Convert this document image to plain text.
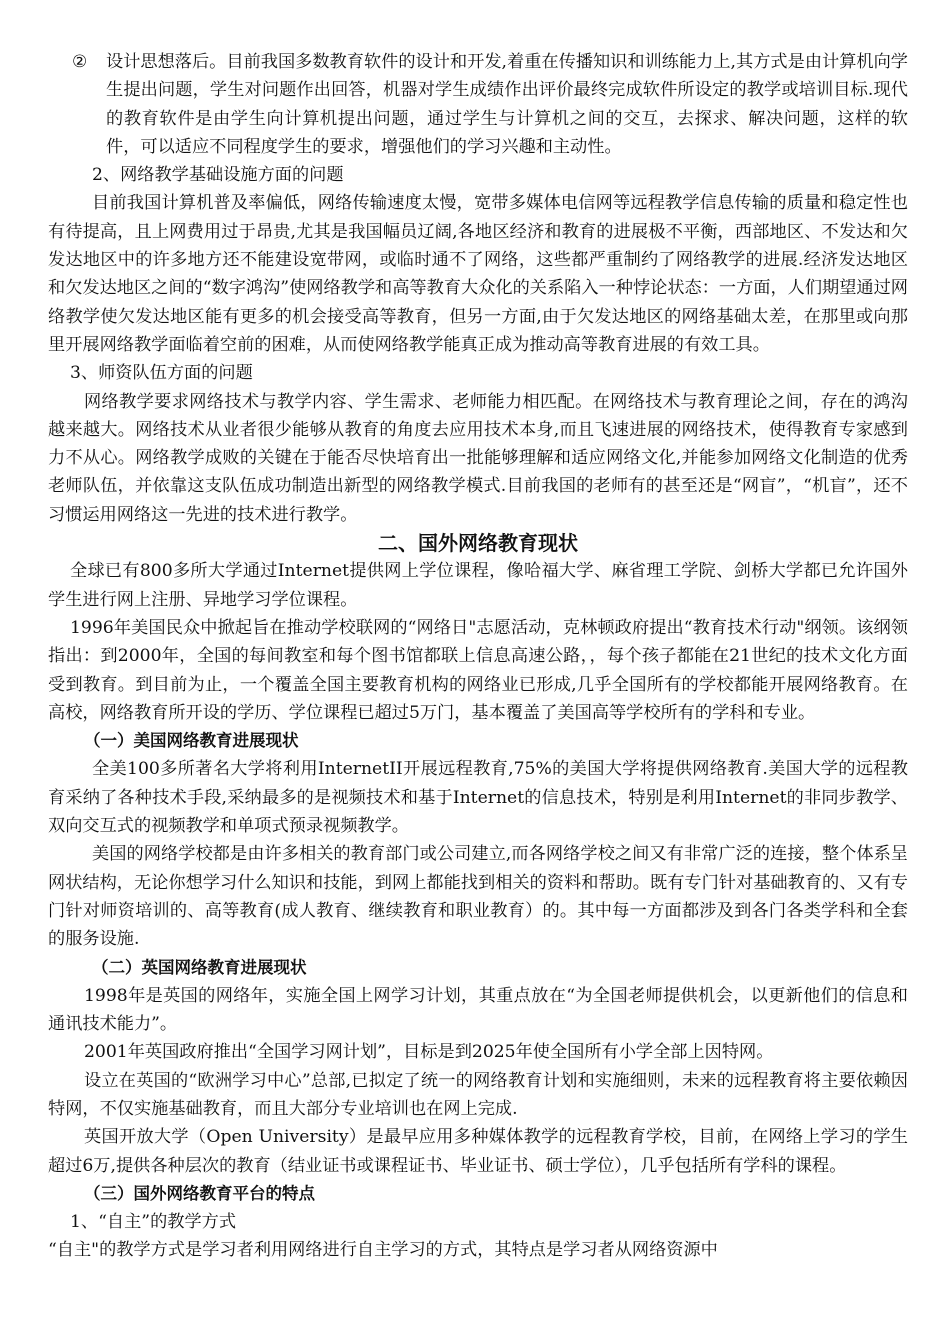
②	设计思想落后。目前我国多数教育软件的设计和开发,着重在传播知识和训练能力上,其方式是由计算机向学生提出问题，学生对问题作出回答，机器对学生成绩作出评价最终完成软件所设定的教学或培训目标.现代的教育软件是由学生向计算机提出问题，通过学生与计算机之间的交互，去探求、解决问题，这样的软件，可以适应不同程度学生的要求，增强他们的学习兴趣和主动性。

2、网络教学基础设施方面的问题

目前我国计算机普及率偏低，网络传输速度太慢，宽带多媒体电信网等远程教学信息传输的质量和稳定性也有待提高，且上网费用过于昂贵,尤其是我国幅员辽阔,各地区经济和教育的进展极不平衡，西部地区、不发达和欠发达地区中的许多地方还不能建设宽带网，或临时通不了网络，这些都严重制约了网络教学的进展.经济发达地区和欠发达地区之间的“数字鸿沟”使网络教学和高等教育大众化的关系陷入一种悖论状态：一方面，人们期望通过网络教学使欠发达地区能有更多的机会接受高等教育，但另一方面,由于欠发达地区的网络基础太差，在那里或向那里开展网络教学面临着空前的困难，从而使网络教学能真正成为推动高等教育进展的有效工具。

3、师资队伍方面的问题

网络教学要求网络技术与教学内容、学生需求、老师能力相匹配。在网络技术与教育理论之间，存在的鸿沟越来越大。网络技术从业者很少能够从教育的角度去应用技术本身,而且飞速进展的网络技术，使得教育专家感到力不从心。网络教学成败的关键在于能否尽快培育出一批能够理解和适应网络文化,并能参加网络文化制造的优秀老师队伍，并依靠这支队伍成功制造出新型的网络教学模式.目前我国的老师有的甚至还是“网盲”，“机盲”，还不习惯运用网络这一先进的技术进行教学。

二、国外网络教育现状

全球已有800多所大学通过Internet提供网上学位课程，像哈福大学、麻省理工学院、剑桥大学都已允许国外学生进行网上注册、异地学习学位课程。

1996年美国民众中掀起旨在推动学校联网的“网络日"志愿活动，克林顿政府提出“教育技术行动"纲领。该纲领指出：到2000年，全国的每间教室和每个图书馆都联上信息高速公路，，每个孩子都能在21世纪的技术文化方面受到教育。到目前为止，一个覆盖全国主要教育机构的网络业已形成,几乎全国所有的学校都能开展网络教育。在高校，网络教育所开设的学历、学位课程已超过5万门，基本覆盖了美国高等学校所有的学科和专业。

（一）美国网络教育进展现状

全美100多所著名大学将利用InternetII开展远程教育,75%的美国大学将提供网络教育.美国大学的远程教育采纳了各种技术手段,采纳最多的是视频技术和基于Internet的信息技术，特别是利用Internet的非同步教学、双向交互式的视频教学和单项式预录视频教学。

美国的网络学校都是由许多相关的教育部门或公司建立,而各网络学校之间又有非常广泛的连接，整个体系呈网状结构，无论你想学习什么知识和技能，到网上都能找到相关的资料和帮助。既有专门针对基础教育的、又有专门针对师资培训的、高等教育(成人教育、继续教育和职业教育）的。其中每一方面都涉及到各门各类学科和全套的服务设施.

（二）英国网络教育进展现状

1998年是英国的网络年，实施全国上网学习计划，其重点放在“为全国老师提供机会，以更新他们的信息和通讯技术能力”。

2001年英国政府推出“全国学习网计划”，目标是到2025年使全国所有小学全部上因特网。

设立在英国的“欧洲学习中心”总部,已拟定了统一的网络教育计划和实施细则，未来的远程教育将主要依赖因特网，不仅实施基础教育，而且大部分专业培训也在网上完成.

英国开放大学（Open University）是最早应用多种媒体教学的远程教育学校，目前，在网络上学习的学生超过6万,提供各种层次的教育（结业证书或课程证书、毕业证书、硕士学位），几乎包括所有学科的课程。

（三）国外网络教育平台的特点

1、“自主”的教学方式

“自主"的教学方式是学习者利用网络进行自主学习的方式，其特点是学习者从网络资源中
